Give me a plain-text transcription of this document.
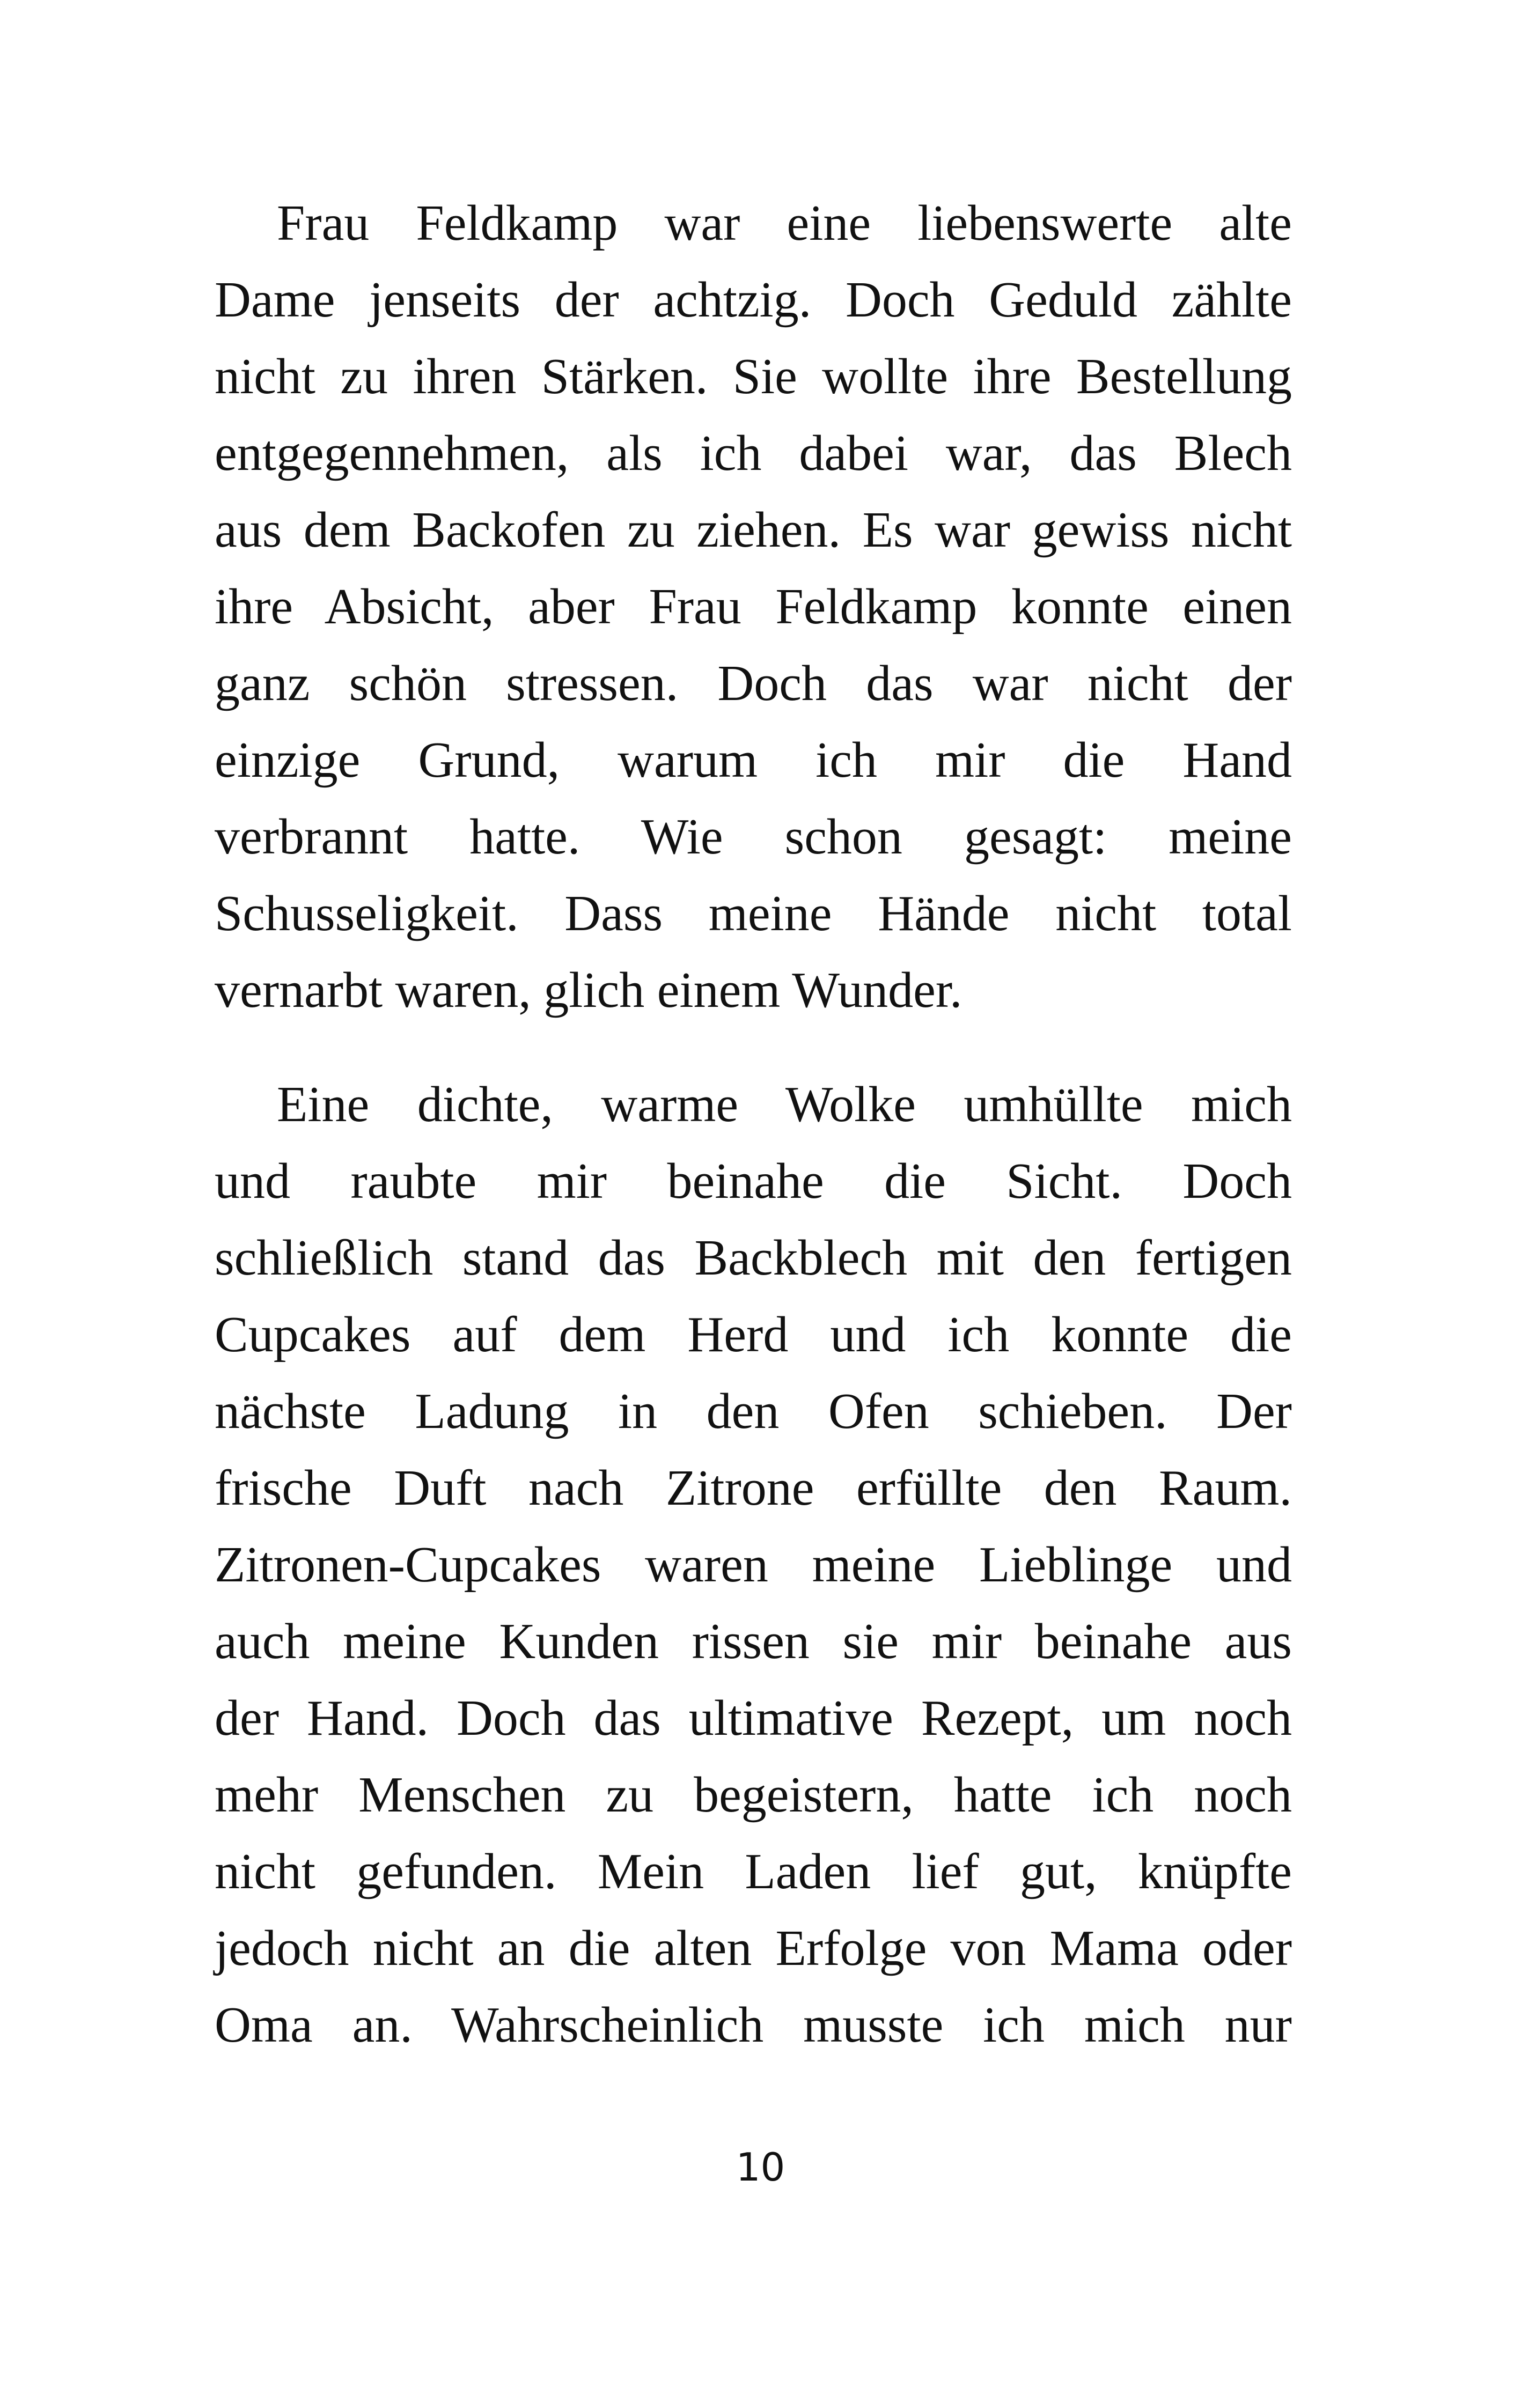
Frau Feldkamp war eine liebenswerte alte
Dame jenseits der achtzig. Doch Geduld zählte
nicht zu ihren Stärken. Sie wollte ihre Bestellung
entgegennehmen, als ich dabei war, das Blech
aus dem Backofen zu ziehen. Es war gewiss nicht
ihre Absicht, aber Frau Feldkamp konnte einen
ganz schön stressen. Doch das war nicht der
einzige Grund, warum ich mir die Hand
verbrannt hatte. Wie schon gesagt: meine
Schusseligkeit. Dass meine Hände nicht total
vernarbt waren, glich einem Wunder.
Eine dichte, warme Wolke umhüllte mich
und raubte mir beinahe die Sicht. Doch
schließlich stand das Backblech mit den fertigen
Cupcakes auf dem Herd und ich konnte die
nächste Ladung in den Ofen schieben. Der
frische Duft nach Zitrone erfüllte den Raum.
Zitronen-Cupcakes waren meine Lieblinge und
auch meine Kunden rissen sie mir beinahe aus
der Hand. Doch das ultimative Rezept, um noch
mehr Menschen zu begeistern, hatte ich noch
nicht gefunden. Mein Laden lief gut, knüpfte
jedoch nicht an die alten Erfolge von Mama oder
Oma an. Wahrscheinlich musste ich mich nur
10
